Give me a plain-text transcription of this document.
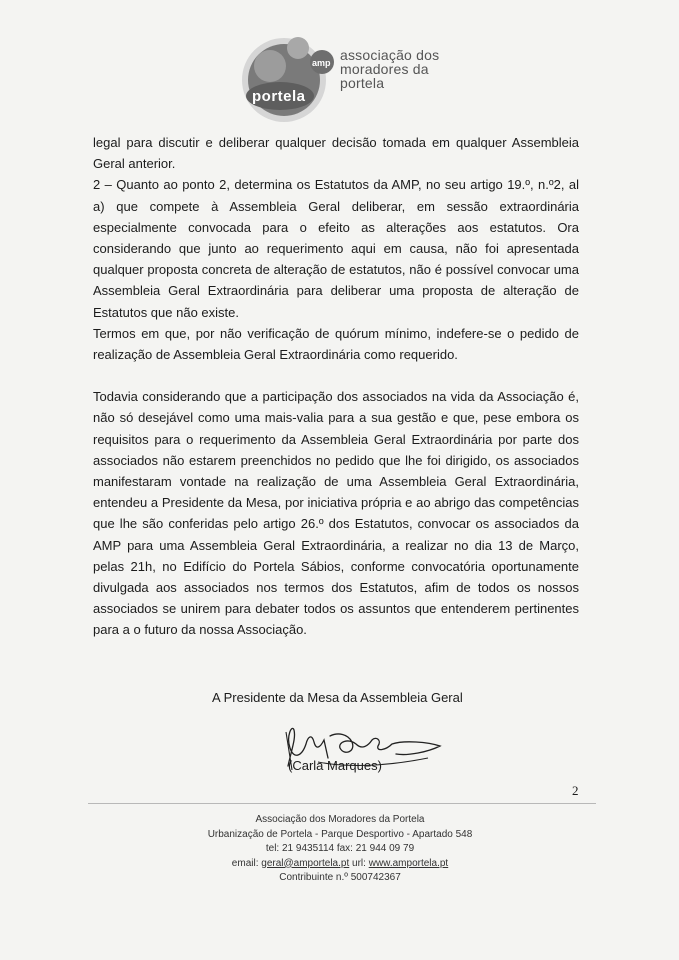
amp
portela
associação dos
moradores da
portela

legal para discutir e deliberar qualquer decisão tomada em qualquer Assembleia Geral anterior.

2 – Quanto ao ponto 2, determina os Estatutos da AMP, no seu artigo 19.º, n.º2, al a) que compete à Assembleia Geral deliberar, em sessão extraordinária especialmente convocada para o efeito as alterações aos estatutos. Ora considerando que junto ao requerimento aqui em causa, não foi apresentada qualquer proposta concreta de alteração de estatutos, não é possível convocar uma Assembleia Geral Extraordinária para deliberar uma proposta de alteração de Estatutos que não existe.

Termos em que, por não verificação de quórum mínimo, indefere-se o pedido de realização de Assembleia Geral Extraordinária como requerido.

Todavia considerando que a participação dos associados na vida da Associação é, não só desejável como uma mais-valia para a sua gestão e que, pese embora os requisitos para o requerimento da Assembleia Geral Extraordinária por parte dos associados não estarem preenchidos no pedido que lhe foi dirigido, os associados manifestaram vontade na realização de uma Assembleia Geral Extraordinária, entendeu a Presidente da Mesa, por iniciativa própria e ao abrigo das competências que lhe são conferidas pelo artigo 26.º dos Estatutos, convocar os associados da AMP para uma Assembleia Geral Extraordinária, a realizar no dia 13 de Março, pelas 21h, no Edifício do Portela Sábios, conforme convocatória oportunamente divulgada aos associados nos termos dos Estatutos, afim de todos os nossos associados se unirem para debater todos os assuntos que entenderem pertinentes para a o futuro da nossa Associação.

A Presidente da Mesa da Assembleia Geral
(Carla Marques)
2
Associação dos Moradores da Portela
Urbanização de Portela - Parque Desportivo - Apartado 548
tel: 21 9435114 fax: 21 944 09 79
email: geral@amportela.pt url: www.amportela.pt
Contribuinte n.º 500742367
